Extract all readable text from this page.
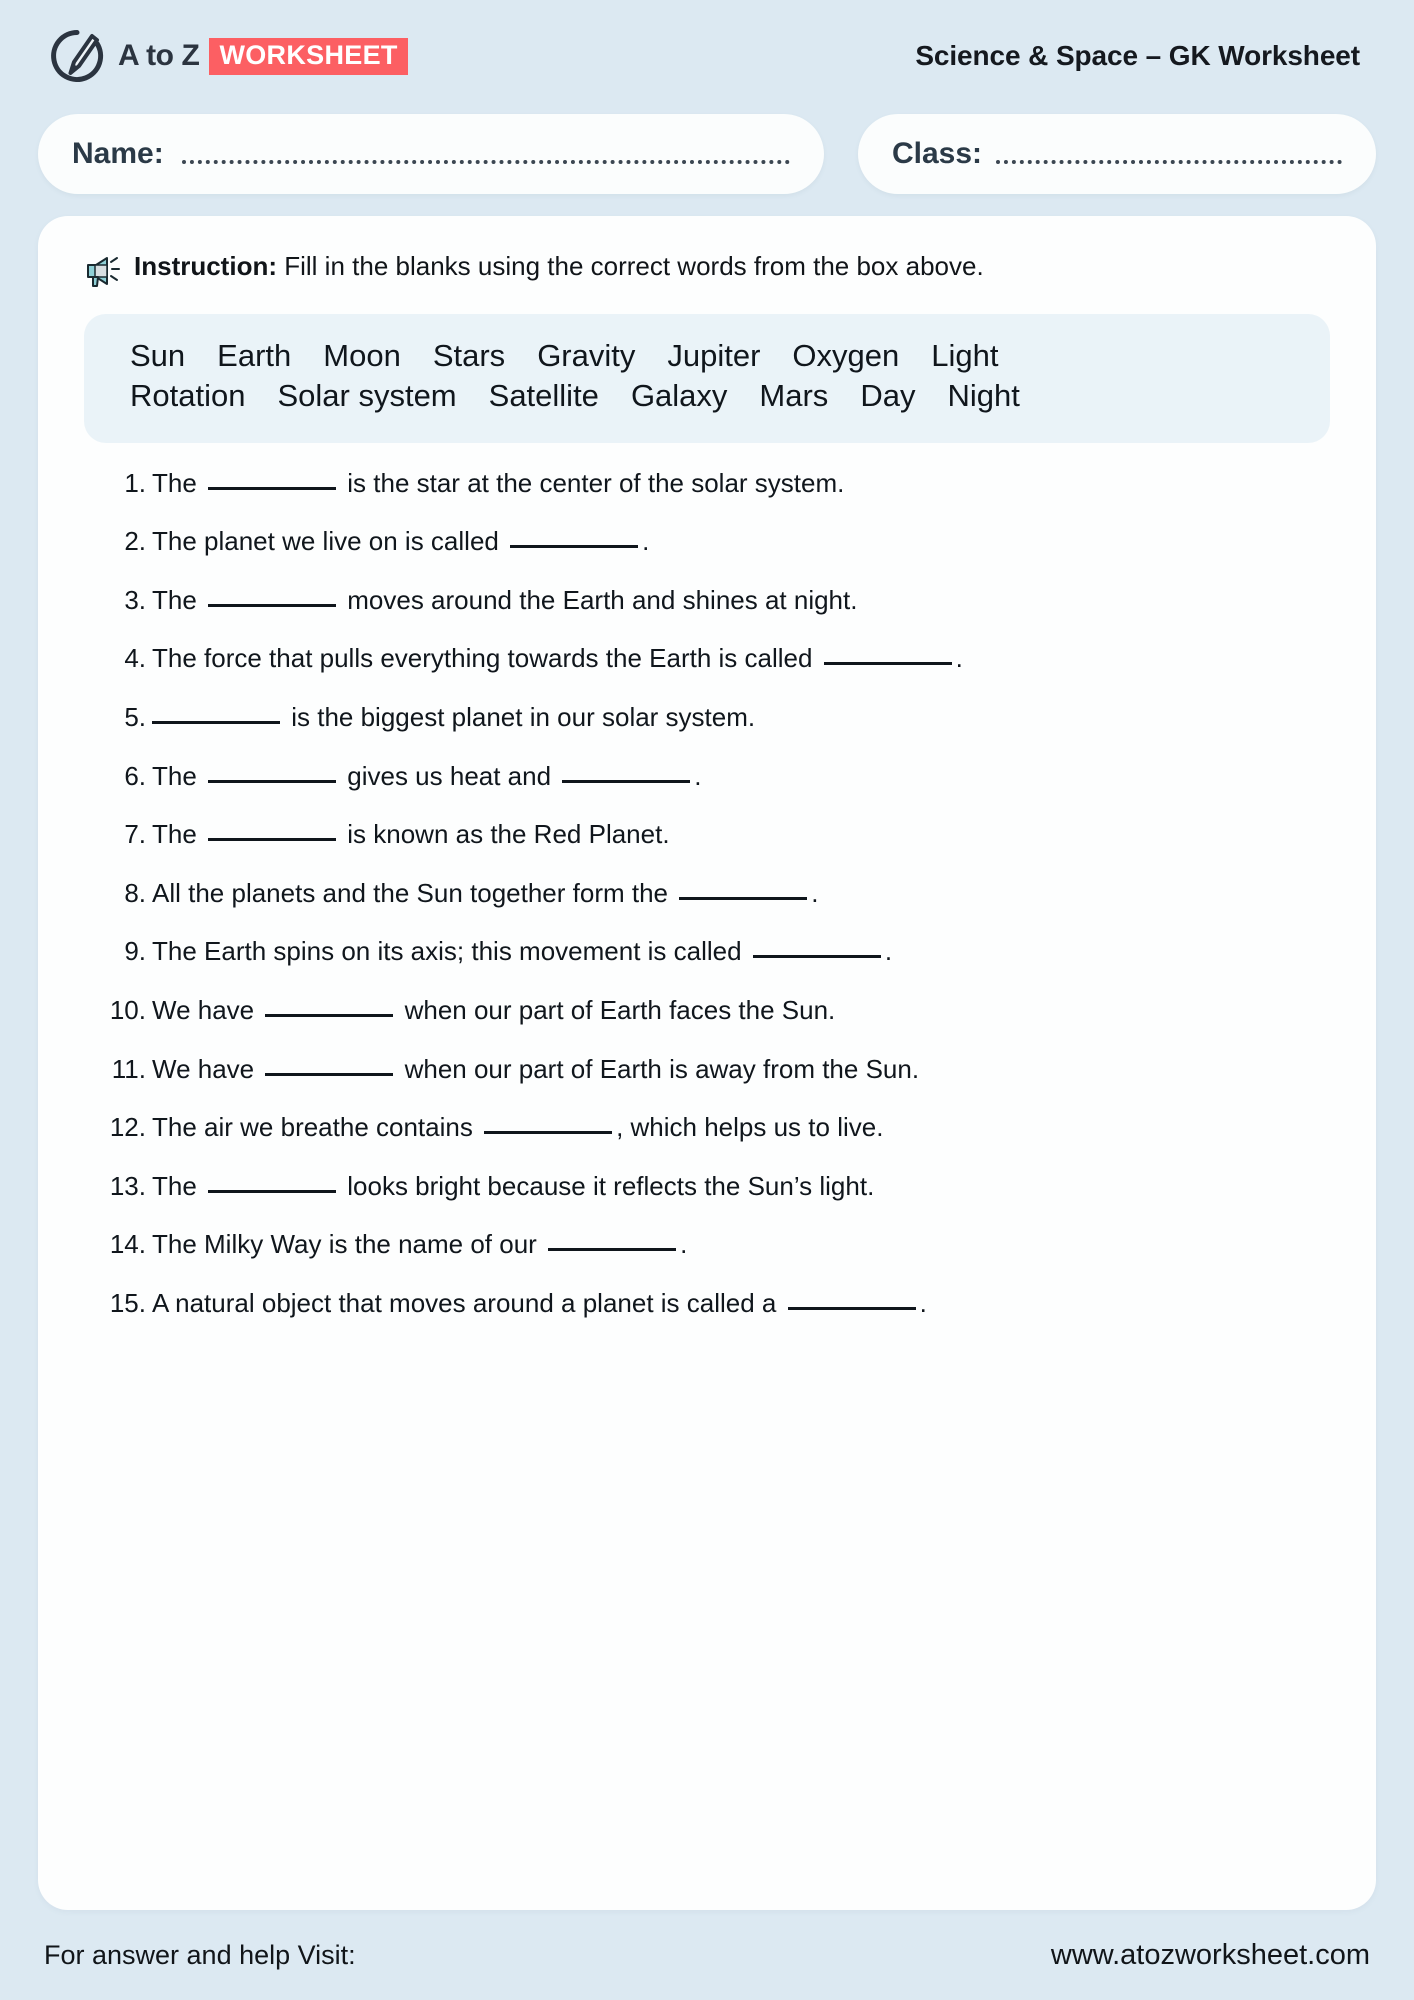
A to Z WORKSHEET	Science & Space – GK Worksheet
Name:	Class:
Instruction: Fill in the blanks using the correct words from the box above.
Sun Earth Moon Stars Gravity Jupiter Oxygen Light
Rotation Solar system Satellite Galaxy Mars Day Night
1. The	is the star at the center of the solar system.
2. The planet we live on is called	.
3. The	moves around the Earth and shines at night.
4. The force that pulls everything towards the Earth is called	.
5.	is the biggest planet in our solar system.
6. The	gives us heat and	.
7. The	is known as the Red Planet.
8. All the planets and the Sun together form the	.
9. The Earth spins on its axis; this movement is called	.
10. We have	when our part of Earth faces the Sun.
11. We have	when our part of Earth is away from the Sun.
12. The air we breathe contains	, which helps us to live.
13. The	looks bright because it reflects the Sun’s light.
14. The Milky Way is the name of our	.
15. A natural object that moves around a planet is called a	.
For answer and help Visit:	www.atozworksheet.com
